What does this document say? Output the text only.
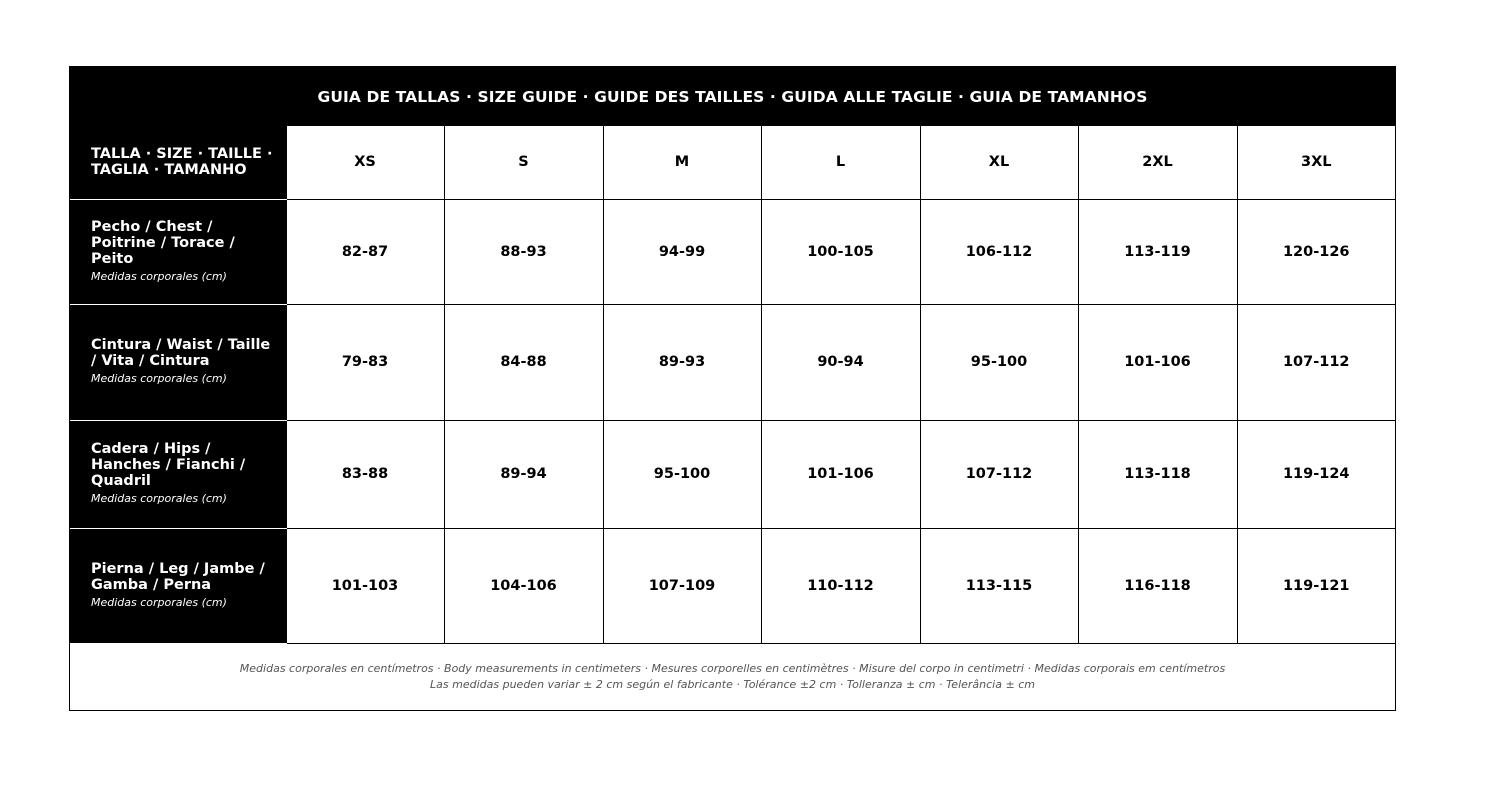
GUIA DE TALLAS · SIZE GUIDE · GUIDE DES TAILLES · GUIDA ALLE TAGLIE · GUIA DE TAMANHOS
TALLA · SIZE · TAILLE ·
TAGLIA · TAMANHO	XS	S	M	L	XL	2XL	3XL

Pecho / Chest /
Poitrine / Torace /
Peito
Medidas corporales (cm)	82-87	88-93	94-99	100-105	106-112	113-119	120-126

Cintura / Waist / Taille
/ Vita / Cintura
Medidas corporales (cm)	79-83	84-88	89-93	90-94	95-100	101-106	107-112

Cadera / Hips /
Hanches / Fianchi /
Quadril
Medidas corporales (cm)	83-88	89-94	95-100	101-106	107-112	113-118	119-124

Pierna / Leg / Jambe /
Gamba / Perna
Medidas corporales (cm)	101-103	104-106	107-109	110-112	113-115	116-118	119-121
Medidas corporales en centímetros · Body measurements in centimeters · Mesures corporelles en centimètres · Misure del corpo in centimetri · Medidas corporais em centímetros
Las medidas pueden variar ± 2 cm según el fabricante · Tolérance ±2 cm · Tolleranza ± cm · Telerância ± cm
